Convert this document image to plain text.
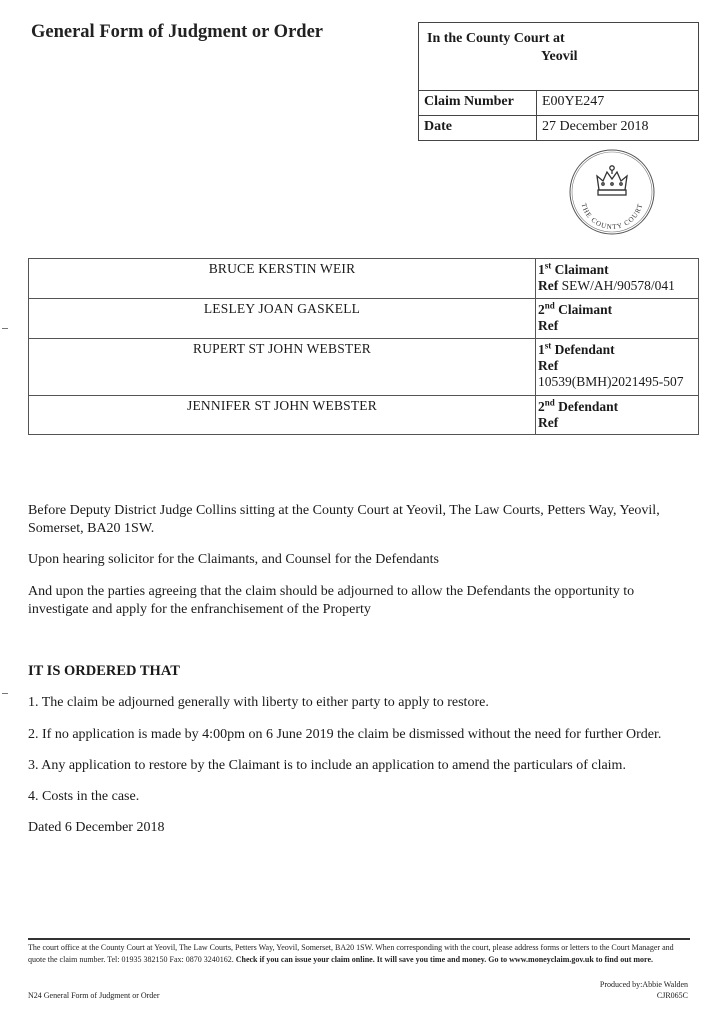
General Form of Judgment or Order	In the County Court at
Yeovil
Claim Number	E00YE247
Date	27 December 2018
THE COUNTY COURT
BRUCE KERSTIN WEIR	1st Claimant
Ref SEW/AH/90578/041
LESLEY JOAN GASKELL	2nd Claimant
Ref
RUPERT ST JOHN WEBSTER	1st Defendant
Ref
10539(BMH)2021495-507
JENNIFER ST JOHN WEBSTER	2nd Defendant
Ref
Before Deputy District Judge Collins sitting at the County Court at Yeovil, The Law Courts, Petters Way, Yeovil, Somerset, BA20 1SW.
Upon hearing solicitor for the Claimants, and Counsel for the Defendants
And upon the parties agreeing that the claim should be adjourned to allow the Defendants the opportunity to investigate and apply for the enfranchisement of the Property
IT IS ORDERED THAT
1. The claim be adjourned generally with liberty to either party to apply to restore.
2. If no application is made by 4:00pm on 6 June 2019 the claim be dismissed without the need for further Order.
3. Any application to restore by the Claimant is to include an application to amend the particulars of claim.
4. Costs in the case.
Dated 6 December 2018
The court office at the County Court at Yeovil, The Law Courts, Petters Way, Yeovil, Somerset, BA20 1SW. When corresponding with the court, please address forms or letters to the Court Manager and quote the claim number. Tel: 01935 382150 Fax: 0870 3240162. Check if you can issue your claim online. It will save you time and money. Go to www.moneyclaim.gov.uk to find out more.
Produced by:Abbie Walden
N24 General Form of Judgment or Order	CJR065C
